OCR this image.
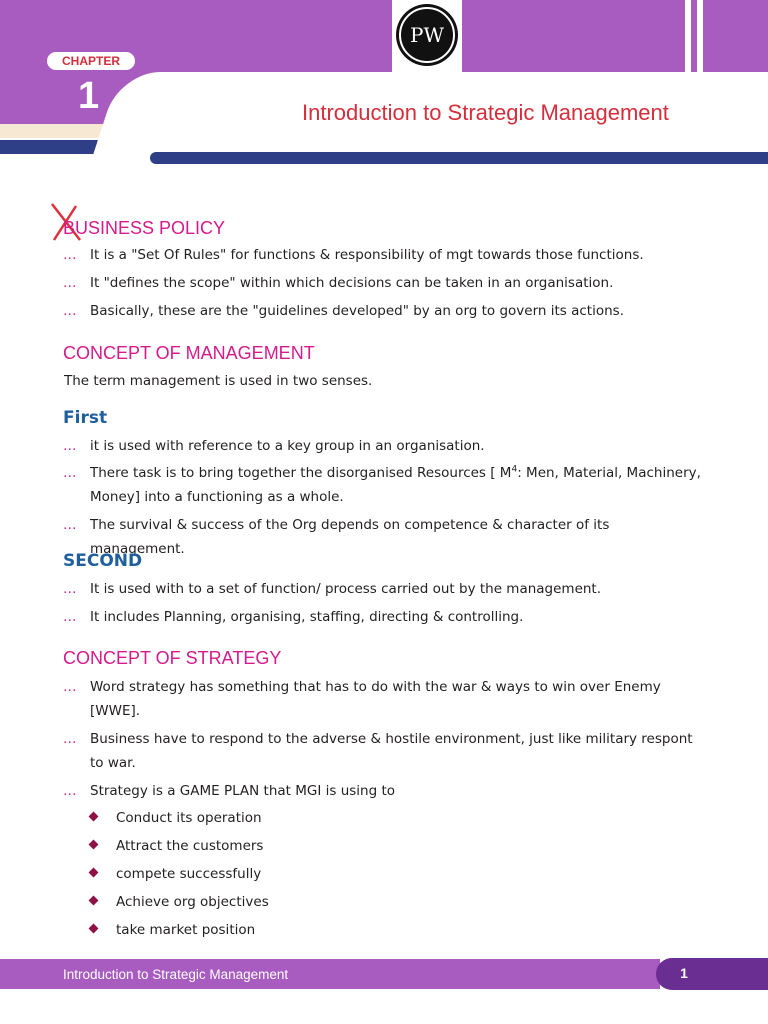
PW
CHAPTER
1	Introduction to Strategic Management
BUSINESS POLICY
… It is a "Set Of Rules" for functions & responsibility of mgt towards those functions.
… It "defines the scope" within which decisions can be taken in an organisation.
… Basically, these are the "guidelines developed" by an org to govern its actions.
CONCEPT OF MANAGEMENT
The term management is used in two senses.
First
… it is used with reference to a key group in an organisation.
… There task is to bring together the disorganised Resources [ $M^4$: Men, Material, Machinery,
Money] into a functioning as a whole.
… The survival & success of the Org depends on competence & character of its management.
SECOND
… It is used with to a set of function/ process carried out by the management.
… It includes Planning, organising, staffing, directing & controlling.
CONCEPT OF STRATEGY
… Word strategy has something that has to do with the war & ways to win over Enemy [WWE].
… Business have to respond to the adverse & hostile environment, just like military respont to war.
… Strategy is a GAME PLAN that MGI is using to
Conduct its operation
Attract the customers
compete successfully
Achieve org objectives
take market position
Introduction to Strategic Management	1
